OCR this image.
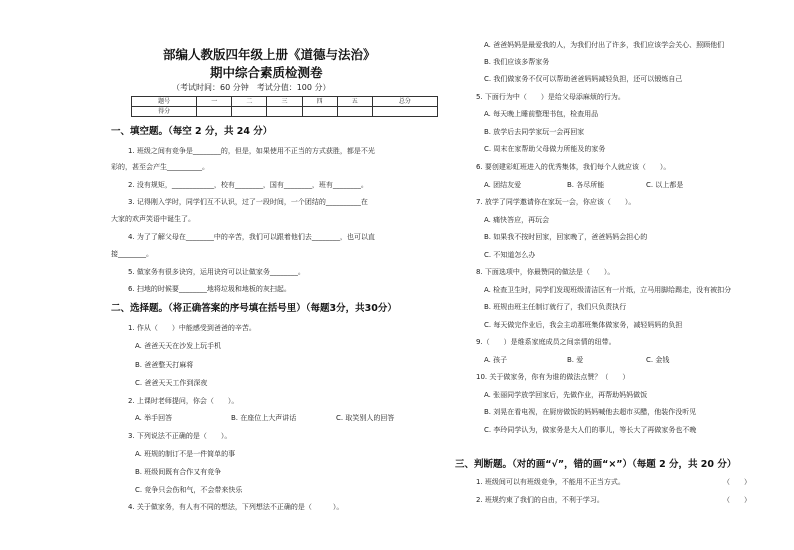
部编人教版四年级上册《道德与法治》
期中综合素质检测卷
（考试时间：60 分钟　考试分值：100 分）
题号	一	二	三	四	五	总分
得分						
一、填空题。（每空 2 分，共 24 分）
1. 班级之间有竞争是________的，但是，如果使用不正当的方式获胜，都是不光
彩的，甚至会产生__________。
2. 没有规矩，____________，校有________，国有________，班有________。
3. 记得刚入学时，同学们互不认识，过了一段时间，一个团结的__________在
大家的欢声笑语中诞生了。
4. 为了了解父母在________中的辛苦，我们可以跟着他们去________，也可以直
接________。
5. 做家务有很多诀窍，运用诀窍可以让做家务________。
6. 扫地的时候要________地将垃圾和地板的灰扫起。
二、选择题。（将正确答案的序号填在括号里）（每题3分，共30分）
1. 作从（　　）中能感受到爸爸的辛苦。
A. 爸爸天天在沙发上玩手机
B. 爸爸整天打麻将
C. 爸爸天天工作到深夜
2. 上课时老师提问，你会（　　）。
A. 举手回答	B. 在座位上大声讲话	C. 取笑别人的回答
3. 下列说法不正确的是（　　）。
A. 班规的制订不是一件简单的事
B. 班级间既有合作又有竞争
C. 竞争只会伤和气，不会带来快乐
4. 关于做家务，有人有不同的想法，下列想法不正确的是（　　　）。
A. 爸爸妈妈是最爱我的人，为我们付出了许多，我们应该学会关心、照顾他们
B. 我们应该多帮家务
C. 我们做家务不仅可以帮助爸爸妈妈减轻负担，还可以锻炼自己
5. 下面行为中（　　）是给父母添麻烦的行为。
A. 每天晚上睡前整理书包，检查用品
B. 放学后去同学家玩一会再回家
C. 周末在家帮助父母做力所能及的家务
6. 要创建彩虹班进入的优秀集体，我们每个人就应该（　　）。
A. 团结友爱	B. 各尽所能	C. 以上都是
7. 放学了同学邀请你在家玩一会，你应该（　　）。
A. 痛快答应，再玩会
B. 如果我不按时回家，回家晚了，爸爸妈妈会担心的
C. 不知道怎么办
8. 下面选项中，你最赞同的做法是（　　）。
A. 检查卫生时，同学们发现班级清洁区有一片纸，立马用脚给踢走，没有被扣分
B. 班规由班主任制订就行了，我们只负责执行
C. 每天做完作业后，我会主动那班集体做家务，减轻妈妈的负担
9.（　　）是维系家庭成员之间亲情的纽带。
A. 孩子	B. 爱	C. 金钱
10. 关于做家务，你有为谁的做法点赞？（　　）
A. 张丽同学放学回家后，先做作业，再帮助妈妈做饭
B. 刘晃在看电视，在厨房做饭的妈妈喊他去超市买醋，他装作没听见
C. 李玲同学认为，做家务是大人们的事儿，等长大了再做家务也不晚
三、判断题。（对的画“√”，错的画“×”）（每题 2 分，共 20 分）
1. 班级间可以有班级竞争，不能用不正当方式。	（　　）
2. 班规约束了我们的自由，不利于学习。	（　　）
